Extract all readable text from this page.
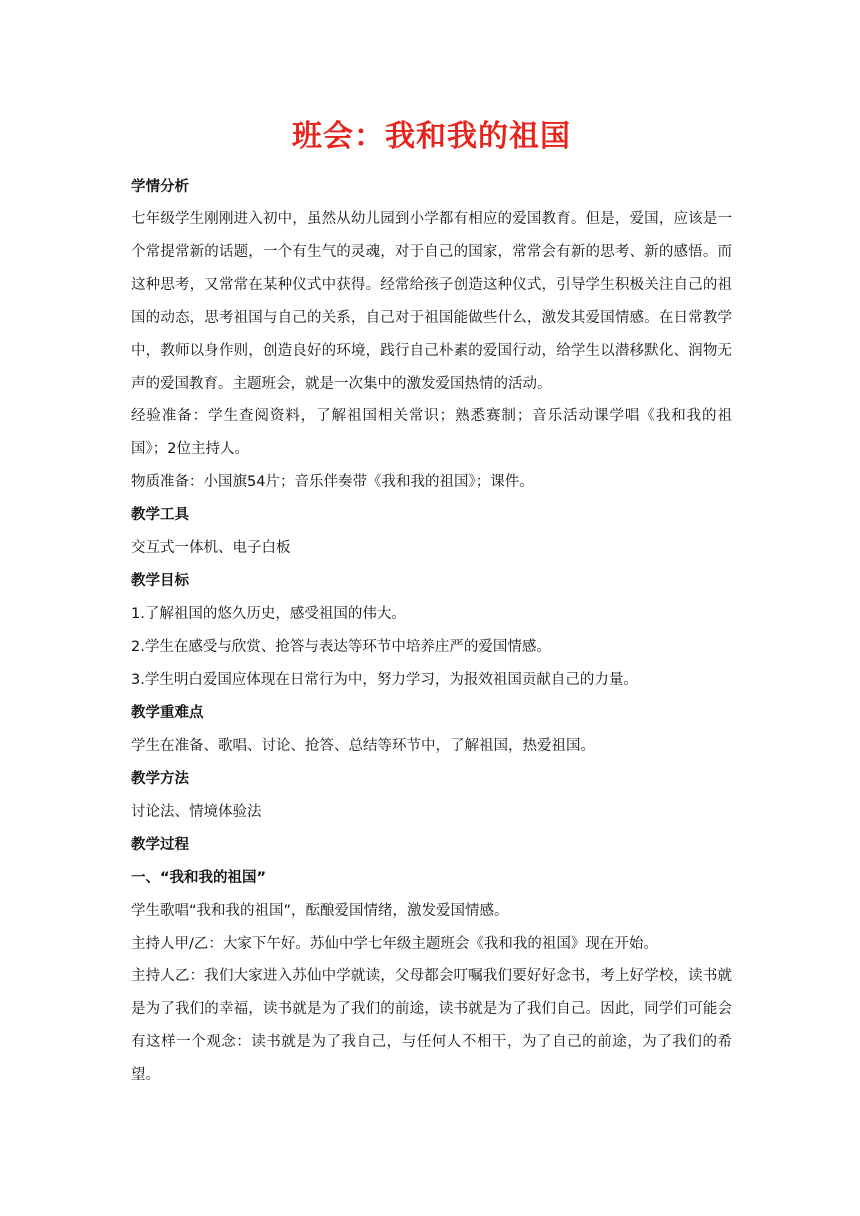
班会：我和我的祖国
学情分析

七年级学生刚刚进入初中，虽然从幼儿园到小学都有相应的爱国教育。但是，爱国，应该是一个常提常新的话题，一个有生气的灵魂，对于自己的国家，常常会有新的思考、新的感悟。而这种思考，又常常在某种仪式中获得。经常给孩子创造这种仪式，引导学生积极关注自己的祖国的动态，思考祖国与自己的关系，自己对于祖国能做些什么，激发其爱国情感。在日常教学中，教师以身作则，创造良好的环境，践行自己朴素的爱国行动，给学生以潜移默化、润物无声的爱国教育。主题班会，就是一次集中的激发爱国热情的活动。

经验准备：学生查阅资料，了解祖国相关常识；熟悉赛制；音乐活动课学唱《我和我的祖国》；2位主持人。

物质准备：小国旗54片；音乐伴奏带《我和我的祖国》；课件。

教学工具

交互式一体机、电子白板

教学目标

1.了解祖国的悠久历史，感受祖国的伟大。

2.学生在感受与欣赏、抢答与表达等环节中培养庄严的爱国情感。

3.学生明白爱国应体现在日常行为中，努力学习，为报效祖国贡献自己的力量。

教学重难点

学生在准备、歌唱、讨论、抢答、总结等环节中，了解祖国，热爱祖国。

教学方法

讨论法、情境体验法

教学过程
一、“我和我的祖国”

学生歌唱“我和我的祖国”，酝酿爱国情绪，激发爱国情感。

主持人甲/乙：大家下午好。苏仙中学七年级主题班会《我和我的祖国》现在开始。

主持人乙：我们大家进入苏仙中学就读，父母都会叮嘱我们要好好念书，考上好学校，读书就是为了我们的幸福，读书就是为了我们的前途，读书就是为了我们自己。因此，同学们可能会有这样一个观念：读书就是为了我自己，与任何人不相干，为了自己的前途，为了我们的希望。
